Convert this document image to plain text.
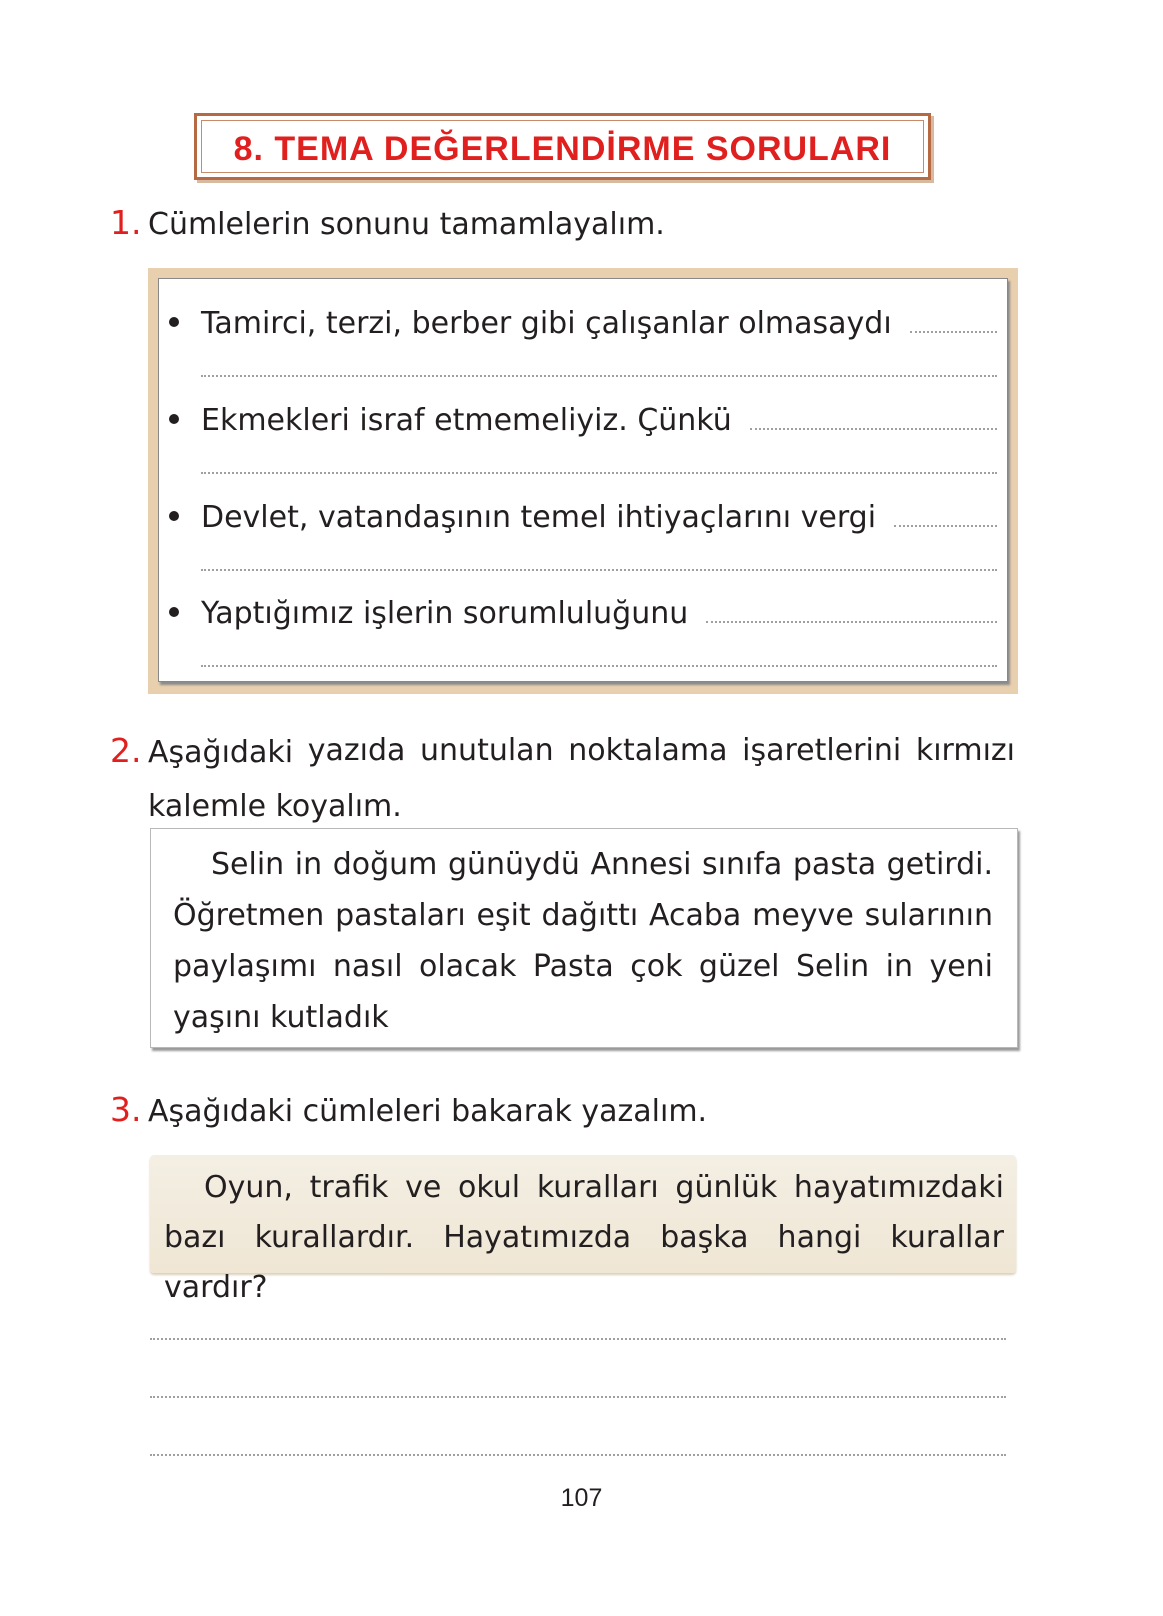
8. TEMA DEĞERLENDİRME SORULARI
1. Cümlelerin sonunu tamamlayalım.
Tamirci, terzi, berber gibi çalışanlar olmasaydı
Ekmekleri israf etmemeliyiz. Çünkü
Devlet, vatandaşının temel ihtiyaçlarını vergi
Yaptığımız işlerin sorumluluğunu
2. Aşağıdaki yazıda unutulan noktalama işaretlerini kırmızı
kalemle koyalım.

Selin in doğum günüydü Annesi sınıfa pasta getirdi. Öğretmen pastaları eşit dağıttı Acaba meyve sularının paylaşımı nasıl olacak Pasta çok güzel Selin in yeni yaşını kutladık

3. Aşağıdaki cümleleri bakarak yazalım.

Oyun, trafik ve okul kuralları günlük hayatımızdaki bazı kurallardır. Hayatımızda başka hangi kurallar vardır?

107
